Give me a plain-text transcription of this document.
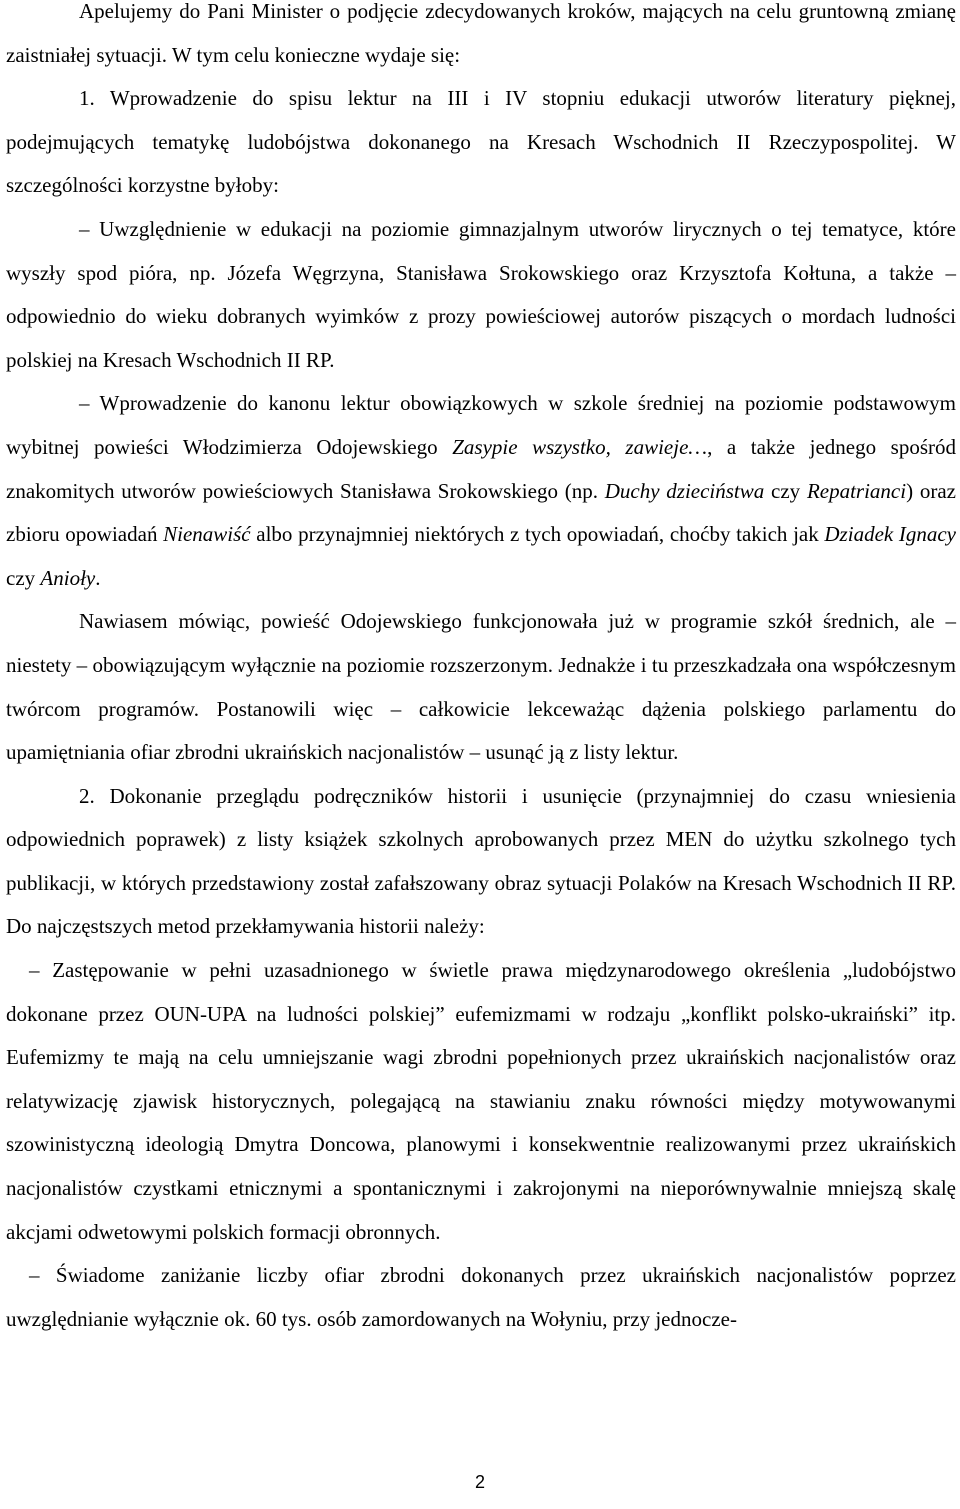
Apelujemy do Pani Minister o podjęcie zdecydowanych kroków, mających na celu gruntowną zmianę zaistniałej sytuacji. W tym celu konieczne wydaje się:

1. Wprowadzenie do spisu lektur na III i IV stopniu edukacji utworów literatury pięknej, podejmujących tematykę ludobójstwa dokonanego na Kresach Wschodnich II Rzeczypospolitej. W szczególności korzystne byłoby:

– Uwzględnienie w edukacji na poziomie gimnazjalnym utworów lirycznych o tej tematyce, które wyszły spod pióra, np. Józefa Węgrzyna, Stanisława Srokowskiego oraz Krzysztofa Kołtuna, a także – odpowiednio do wieku dobranych wyimków z prozy powieściowej autorów piszących o mordach ludności polskiej na Kresach Wschodnich II RP.

– Wprowadzenie do kanonu lektur obowiązkowych w szkole średniej na poziomie podstawowym wybitnej powieści Włodzimierza Odojewskiego Zasypie wszystko, zawieje…, a także jednego spośród znakomitych utworów powieściowych Stanisława Srokowskiego (np. Duchy dzieciństwa czy Repatrianci) oraz zbioru opowiadań Nienawiść albo przynajmniej niektórych z tych opowiadań, choćby takich jak Dziadek Ignacy czy Anioły.

Nawiasem mówiąc, powieść Odojewskiego funkcjonowała już w programie szkół średnich, ale – niestety – obowiązującym wyłącznie na poziomie rozszerzonym. Jednakże i tu przeszkadzała ona współczesnym twórcom programów. Postanowili więc – całkowicie lekceważąc dążenia polskiego parlamentu do upamiętniania ofiar zbrodni ukraińskich nacjonalistów – usunąć ją z listy lektur.

2. Dokonanie przeglądu podręczników historii i usunięcie (przynajmniej do czasu wniesienia odpowiednich poprawek) z listy książek szkolnych aprobowanych przez MEN do użytku szkolnego tych publikacji, w których przedstawiony został zafałszowany obraz sytuacji Polaków na Kresach Wschodnich II RP. Do najczęstszych metod przekłamywania historii należy:

– Zastępowanie w pełni uzasadnionego w świetle prawa międzynarodowego określenia „ludobójstwo dokonane przez OUN-UPA na ludności polskiej” eufemizmami w rodzaju „konflikt polsko-ukraiński” itp. Eufemizmy te mają na celu umniejszanie wagi zbrodni popełnionych przez ukraińskich nacjonalistów oraz relatywizację zjawisk historycznych, polegającą na stawianiu znaku równości między motywowanymi szowinistyczną ideologią Dmytra Doncowa, planowymi i konsekwentnie realizowanymi przez ukraińskich nacjonalistów czystkami etnicznymi a spontanicznymi i zakrojonymi na nieporównywalnie mniejszą skalę akcjami odwetowymi polskich formacji obronnych.

– Świadome zaniżanie liczby ofiar zbrodni dokonanych przez ukraińskich nacjonalistów poprzez uwzględnianie wyłącznie ok. 60 tys. osób zamordowanych na Wołyniu, przy jednocze-

2
